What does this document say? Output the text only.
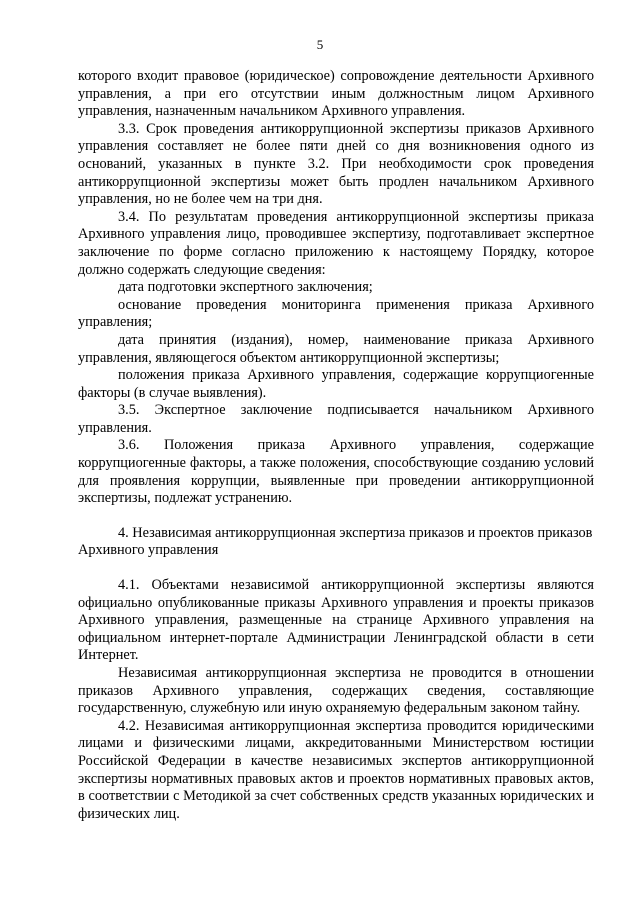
5

которого входит правовое (юридическое) сопровождение деятельности Архивного управления, а при его отсутствии иным должностным лицом Архивного управления, назначенным начальником Архивного управления.

3.3. Срок проведения антикоррупционной экспертизы приказов Архивного управления составляет не более пяти дней со дня возникновения одного из оснований, указанных в пункте 3.2. При необходимости срок проведения антикоррупционной экспертизы может быть продлен начальником Архивного управления, но не более чем на три дня.

3.4. По результатам проведения антикоррупционной экспертизы приказа Архивного управления лицо, проводившее экспертизу, подготавливает экспертное заключение по форме согласно приложению к настоящему Порядку, которое должно содержать следующие сведения:

дата подготовки экспертного заключения;

основание проведения мониторинга применения приказа Архивного управления;

дата принятия (издания), номер, наименование приказа Архивного управления, являющегося объектом антикоррупционной экспертизы;

положения приказа Архивного управления, содержащие коррупциогенные факторы (в случае выявления).

3.5. Экспертное заключение подписывается начальником Архивного управления.

3.6. Положения приказа Архивного управления, содержащие коррупциогенные факторы, а также положения, способствующие созданию условий для проявления коррупции, выявленные при проведении антикоррупционной экспертизы, подлежат устранению.

4. Независимая антикоррупционная экспертиза приказов и проектов приказов Архивного управления

4.1. Объектами независимой антикоррупционной экспертизы являются официально опубликованные приказы Архивного управления и проекты приказов Архивного управления, размещенные на странице Архивного управления на официальном интернет-портале Администрации Ленинградской области в сети Интернет.

Независимая антикоррупционная экспертиза не проводится в отношении приказов Архивного управления, содержащих сведения, составляющие государственную, служебную или иную охраняемую федеральным законом тайну.

4.2. Независимая антикоррупционная экспертиза проводится юридическими лицами и физическими лицами, аккредитованными Министерством юстиции Российской Федерации в качестве независимых экспертов антикоррупционной экспертизы нормативных правовых актов и проектов нормативных правовых актов, в соответствии с Методикой за счет собственных средств указанных юридических и физических лиц.
